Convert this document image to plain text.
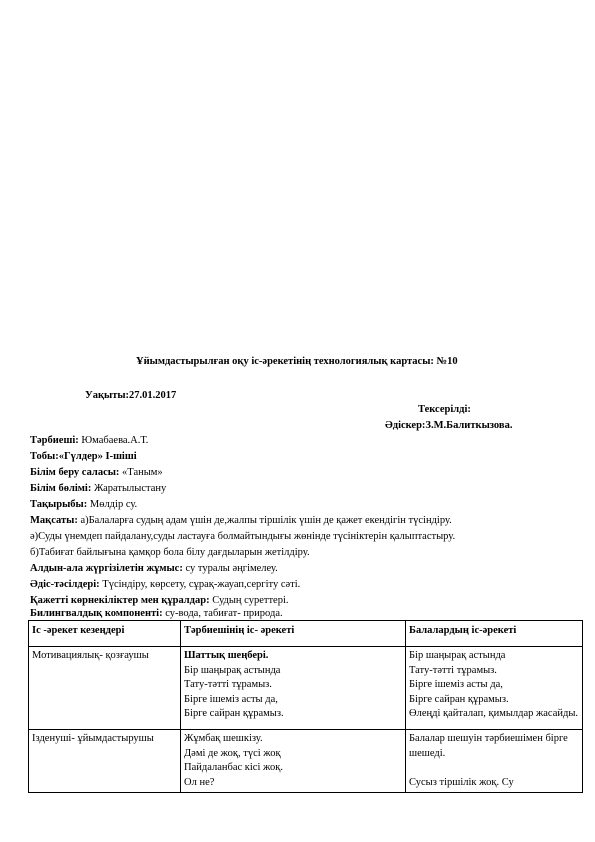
Ұйымдастырылған оқу іс-әрекетінің технологиялық картасы: №10
Уақыты:27.01.2017
Тексерілді:
Әдіскер:З.М.Балиткызова.
Тәрбиеші: Юмабаева.А.Т.
Тобы:«Гүлдер» І-шіші
Білім беру саласы: «Таным»
Білім бөлімі: Жаратылыстану
Тақырыбы: Мөлдір су.
Мақсаты: а)Балаларға судың адам үшін де,жалпы тіршілік үшін де қажет екендігін түсіндіру.
ә)Суды үнемдеп пайдалану,суды ластауға болмайтындығы жөнінде түсініктерін қалыптастыру.
б)Табиғат байлығына қамқор бола білу дағдыларын жетілдіру.
Алдын-ала жүргізілетін жұмыс: су туралы әңгімелеу.
Әдіс-тәсілдері: Түсіндіру, көрсету, сұрақ-жауап,сергіту сәті.
Қажетті көрнекіліктер мен құралдар: Судың суреттері.
Билингвалдық компоненті: су-вода, табиғат- природа.
Іс -әрекет кезеңдері	Тәрбиешінің іс- әрекеті	Балалардың іс-әрекеті
Мотивациялық- қозғаушы	Шаттық шеңбері.
Бір шаңырақ астында
Тату-тәтті тұрамыз.
Бірге ішеміз асты да,
Бірге сайран құрамыз.	Бір шаңырақ астында
Тату-тәтті тұрамыз.
Бірге ішеміз асты да,
Бірге сайран құрамыз.
Өлеңді қайталап, қимылдар жасайды.

Ізденушi- ұйымдастырушы	Жұмбақ шешкізу.
Дәмі де жоқ, түсі жоқ
Пайдаланбас кісі жоқ.
Ол не?	Балалар шешуін тәрбиешімен бірге шешеді.
Сусыз тіршілік жоқ. Су
